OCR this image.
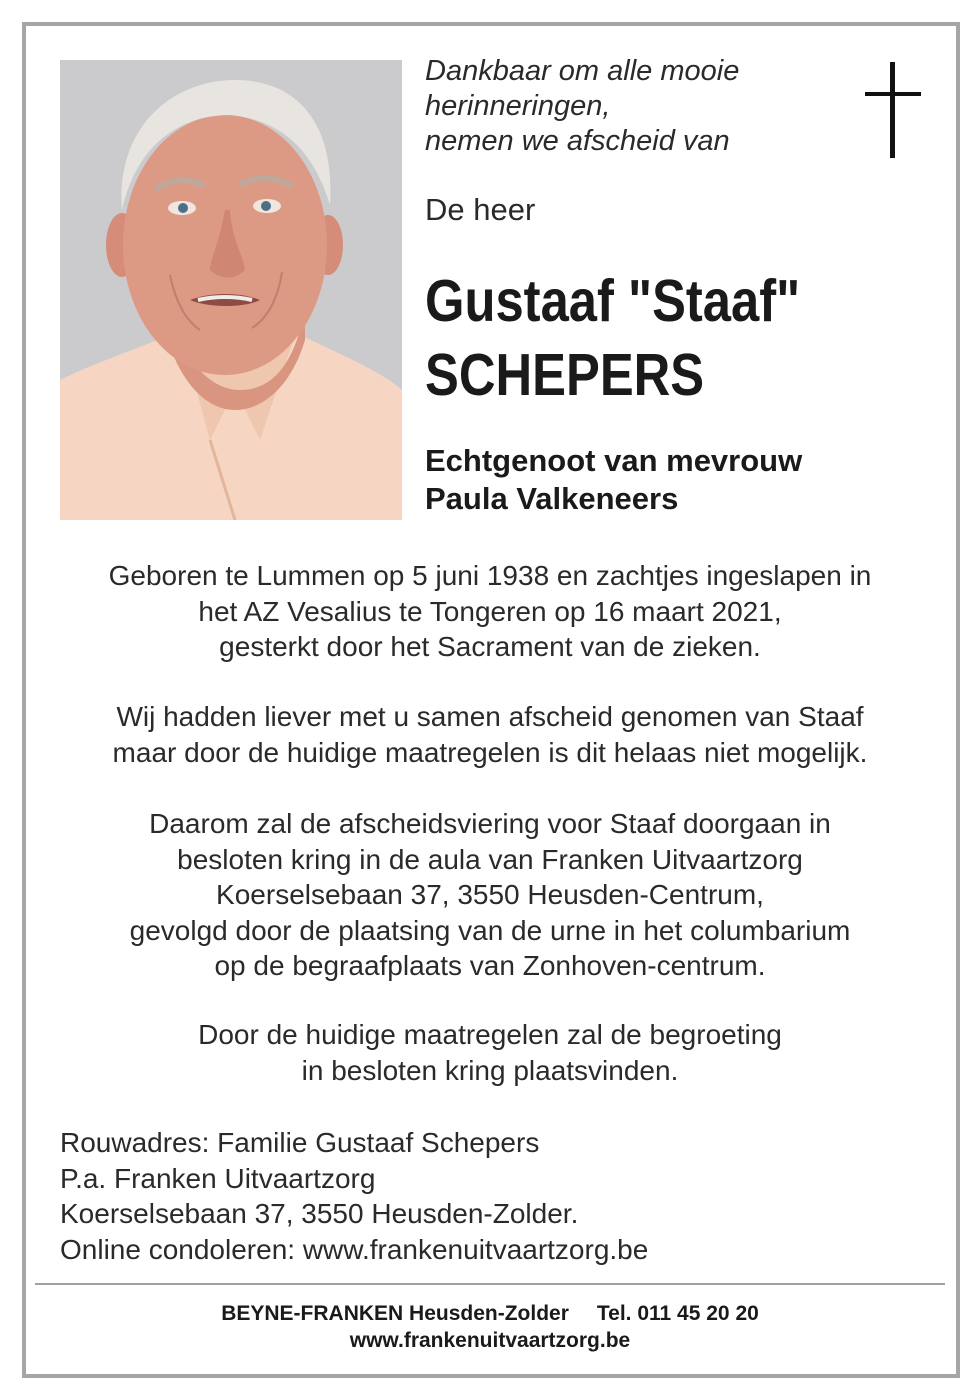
Dankbaar om alle mooie
herinneringen,
nemen we afscheid van
De heer
Gustaaf "Staaf"
SCHEPERS
Echtgenoot van mevrouw
Paula Valkeneers
Geboren te Lummen op 5 juni 1938 en zachtjes ingeslapen in
het AZ Vesalius te Tongeren op 16 maart 2021,
gesterkt door het Sacrament van de zieken.
Wij hadden liever met u samen afscheid genomen van Staaf
maar door de huidige maatregelen is dit helaas niet mogelijk.
Daarom zal de afscheidsviering voor Staaf doorgaan in
besloten kring in de aula van Franken Uitvaartzorg
Koerselsebaan 37, 3550 Heusden-Centrum,
gevolgd door de plaatsing van de urne in het columbarium
op de begraafplaats van Zonhoven-centrum.
Door de huidige maatregelen zal de begroeting
in besloten kring plaatsvinden.
Rouwadres: Familie Gustaaf Schepers
P.a. Franken Uitvaartzorg
Koerselsebaan 37, 3550 Heusden-Zolder.
Online condoleren: www.frankenuitvaartzorg.be
BEYNE-FRANKEN Heusden-Zolder Tel. 011 45 20 20
www.frankenuitvaartzorg.be
